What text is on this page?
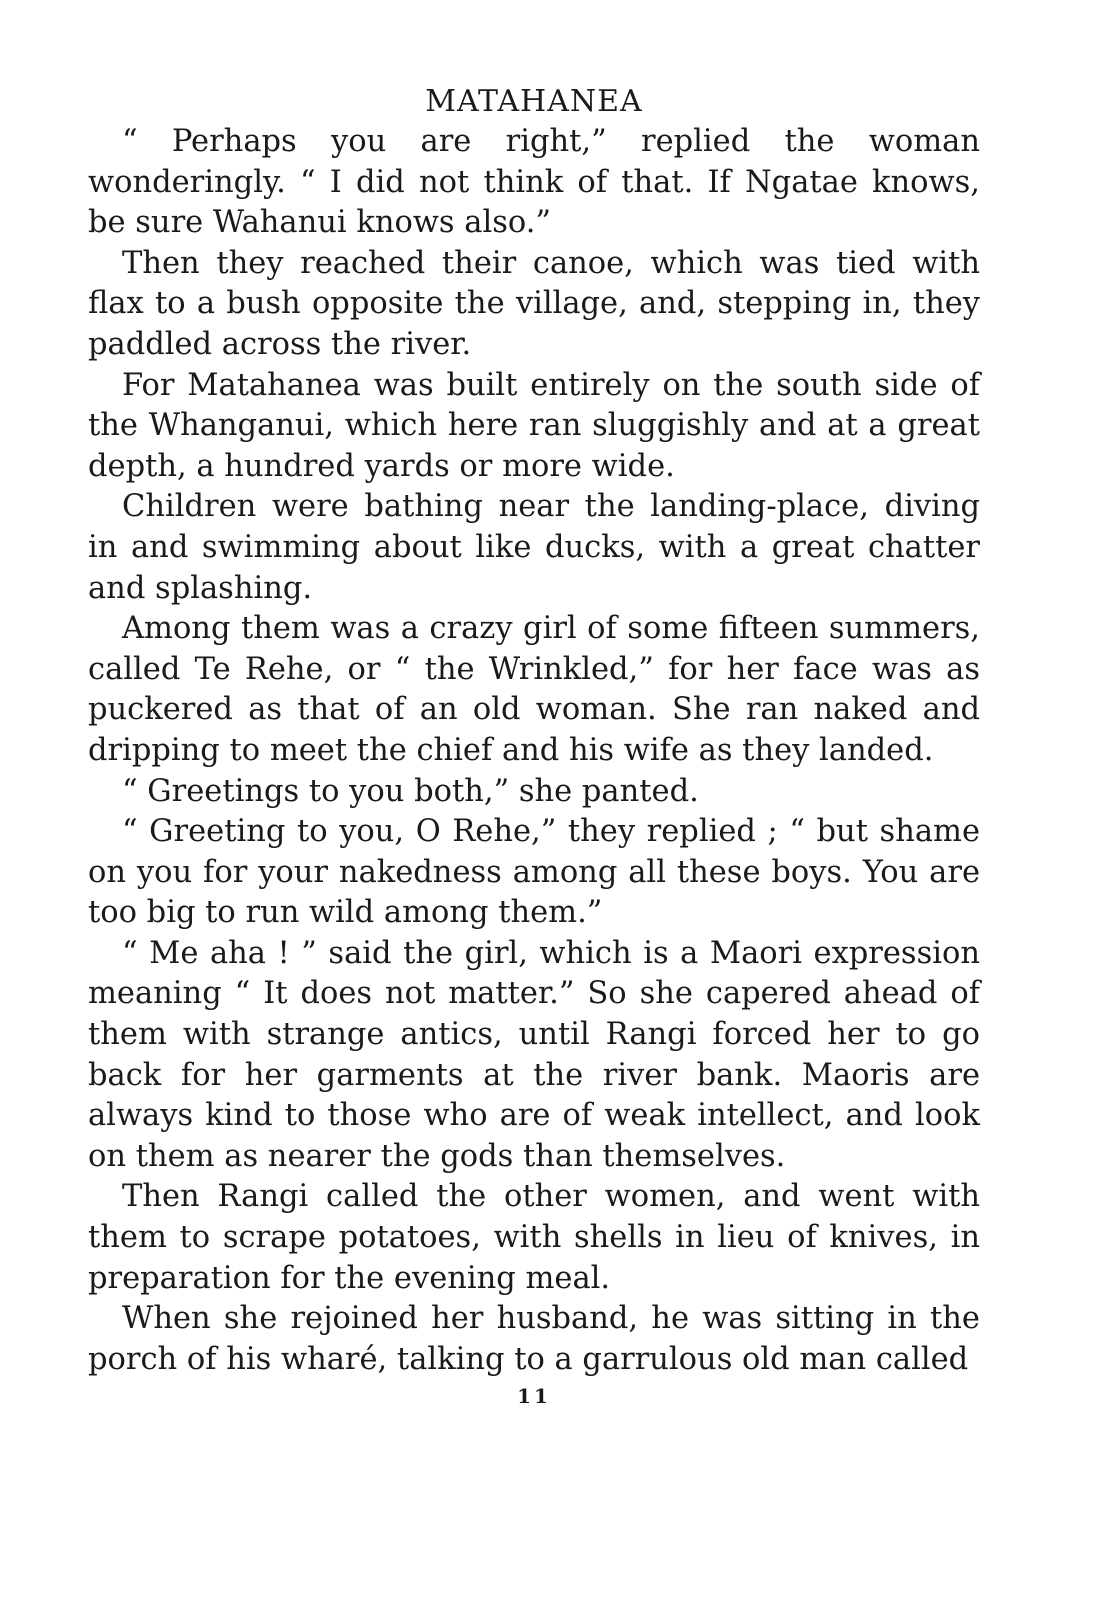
MATAHANEA

“ Perhaps you are right,” replied the woman wonderingly. “ I did not think of that. If Ngatae knows, be sure Wahanui knows also.”

Then they reached their canoe, which was tied with flax to a bush opposite the village, and, stepping in, they paddled across the river.

For Matahanea was built entirely on the south side of the Whanganui, which here ran sluggishly and at a great depth, a hundred yards or more wide.

Children were bathing near the landing-place, diving in and swimming about like ducks, with a great chatter and splashing.

Among them was a crazy girl of some fifteen summers, called Te Rehe, or “ the Wrinkled,” for her face was as puckered as that of an old woman. She ran naked and dripping to meet the chief and his wife as they landed.

“ Greetings to you both,” she panted.

“ Greeting to you, O Rehe,” they replied ; “ but shame on you for your nakedness among all these boys. You are too big to run wild among them.”

“ Me aha ! ” said the girl, which is a Maori expression meaning “ It does not matter.” So she capered ahead of them with strange antics, until Rangi forced her to go back for her garments at the river bank. Maoris are always kind to those who are of weak intellect, and look on them as nearer the gods than themselves.

Then Rangi called the other women, and went with them to scrape potatoes, with shells in lieu of knives, in preparation for the evening meal.

When she rejoined her husband, he was sitting in the porch of his wharé, talking to a garrulous old man called

11
